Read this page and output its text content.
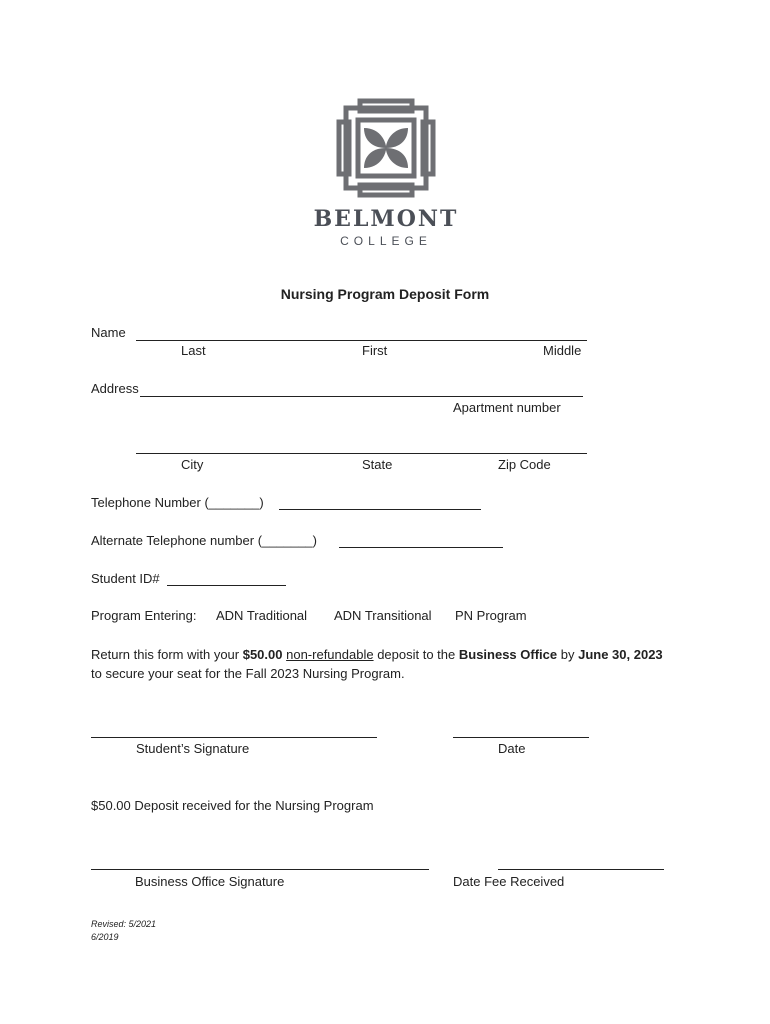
BELMONT
COLLEGE
Nursing Program Deposit Form
Name
Last	First	Middle
Address
Apartment number
City	State	Zip Code
Telephone Number (_______)
Alternate Telephone number (_______)
Student ID#
Program Entering: ADN Traditional ADN Transitional PN Program
Return this form with your $50.00 non-refundable deposit to the Business Office by June 30, 2023 to secure your seat for the Fall 2023 Nursing Program.
Student’s Signature	Date
$50.00 Deposit received for the Nursing Program
Business Office Signature	Date Fee Received
Revised: 5/2021
6/2019
